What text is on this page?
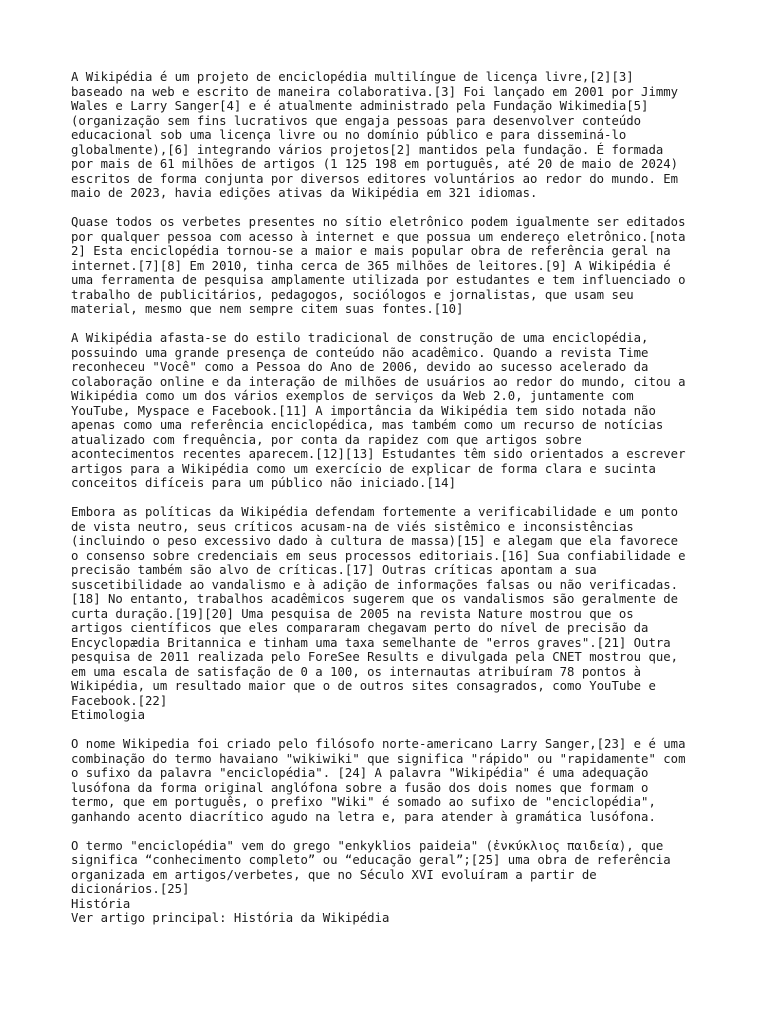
A Wikipédia é um projeto de enciclopédia multilíngue de licença livre,[2][3]
baseado na web e escrito de maneira colaborativa.[3] Foi lançado em 2001 por Jimmy
Wales e Larry Sanger[4] e é atualmente administrado pela Fundação Wikimedia[5]
(organização sem fins lucrativos que engaja pessoas para desenvolver conteúdo
educacional sob uma licença livre ou no domínio público e para disseminá-lo
globalmente),[6] integrando vários projetos[2] mantidos pela fundação. É formada
por mais de 61 milhões de artigos (1 125 198 em português, até 20 de maio de 2024)
escritos de forma conjunta por diversos editores voluntários ao redor do mundo. Em
maio de 2023, havia edições ativas da Wikipédia em 321 idiomas.
Quase todos os verbetes presentes no sítio eletrônico podem igualmente ser editados
por qualquer pessoa com acesso à internet e que possua um endereço eletrônico.[nota
2] Esta enciclopédia tornou-se a maior e mais popular obra de referência geral na
internet.[7][8] Em 2010, tinha cerca de 365 milhões de leitores.[9] A Wikipédia é
uma ferramenta de pesquisa amplamente utilizada por estudantes e tem influenciado o
trabalho de publicitários, pedagogos, sociólogos e jornalistas, que usam seu
material, mesmo que nem sempre citem suas fontes.[10]
A Wikipédia afasta-se do estilo tradicional de construção de uma enciclopédia,
possuindo uma grande presença de conteúdo não acadêmico. Quando a revista Time
reconheceu "Você" como a Pessoa do Ano de 2006, devido ao sucesso acelerado da
colaboração online e da interação de milhões de usuários ao redor do mundo, citou a
Wikipédia como um dos vários exemplos de serviços da Web 2.0, juntamente com
YouTube, Myspace e Facebook.[11] A importância da Wikipédia tem sido notada não
apenas como uma referência enciclopédica, mas também como um recurso de notícias
atualizado com frequência, por conta da rapidez com que artigos sobre
acontecimentos recentes aparecem.[12][13] Estudantes têm sido orientados a escrever
artigos para a Wikipédia como um exercício de explicar de forma clara e sucinta
conceitos difíceis para um público não iniciado.[14]
Embora as políticas da Wikipédia defendam fortemente a verificabilidade e um ponto
de vista neutro, seus críticos acusam-na de viés sistêmico e inconsistências
(incluindo o peso excessivo dado à cultura de massa)[15] e alegam que ela favorece
o consenso sobre credenciais em seus processos editoriais.[16] Sua confiabilidade e
precisão também são alvo de críticas.[17] Outras críticas apontam a sua
suscetibilidade ao vandalismo e à adição de informações falsas ou não verificadas.
[18] No entanto, trabalhos acadêmicos sugerem que os vandalismos são geralmente de
curta duração.[19][20] Uma pesquisa de 2005 na revista Nature mostrou que os
artigos científicos que eles compararam chegavam perto do nível de precisão da
Encyclopædia Britannica e tinham uma taxa semelhante de "erros graves".[21] Outra
pesquisa de 2011 realizada pelo ForeSee Results e divulgada pela CNET mostrou que,
em uma escala de satisfação de 0 a 100, os internautas atribuíram 78 pontos à
Wikipédia, um resultado maior que o de outros sites consagrados, como YouTube e
Facebook.[22]
Etimologia
O nome Wikipedia foi criado pelo filósofo norte-americano Larry Sanger,[23] e é uma
combinação do termo havaiano "wikiwiki" que significa "rápido" ou "rapidamente" com
o sufixo da palavra "enciclopédia". [24] A palavra "Wikipédia" é uma adequação
lusófona da forma original anglófona sobre a fusão dos dois nomes que formam o
termo, que em português, o prefixo "Wiki" é somado ao sufixo de "enciclopédia",
ganhando acento diacrítico agudo na letra e, para atender à gramática lusófona.
O termo "enciclopédia" vem do grego "enkyklios paideia" (ἐνκύκλιος παιδεία), que
significa “conhecimento completo” ou “educação geral”;[25] uma obra de referência
organizada em artigos/verbetes, que no Século XVI evoluíram a partir de
dicionários.[25]
História
Ver artigo principal: História da Wikipédia
